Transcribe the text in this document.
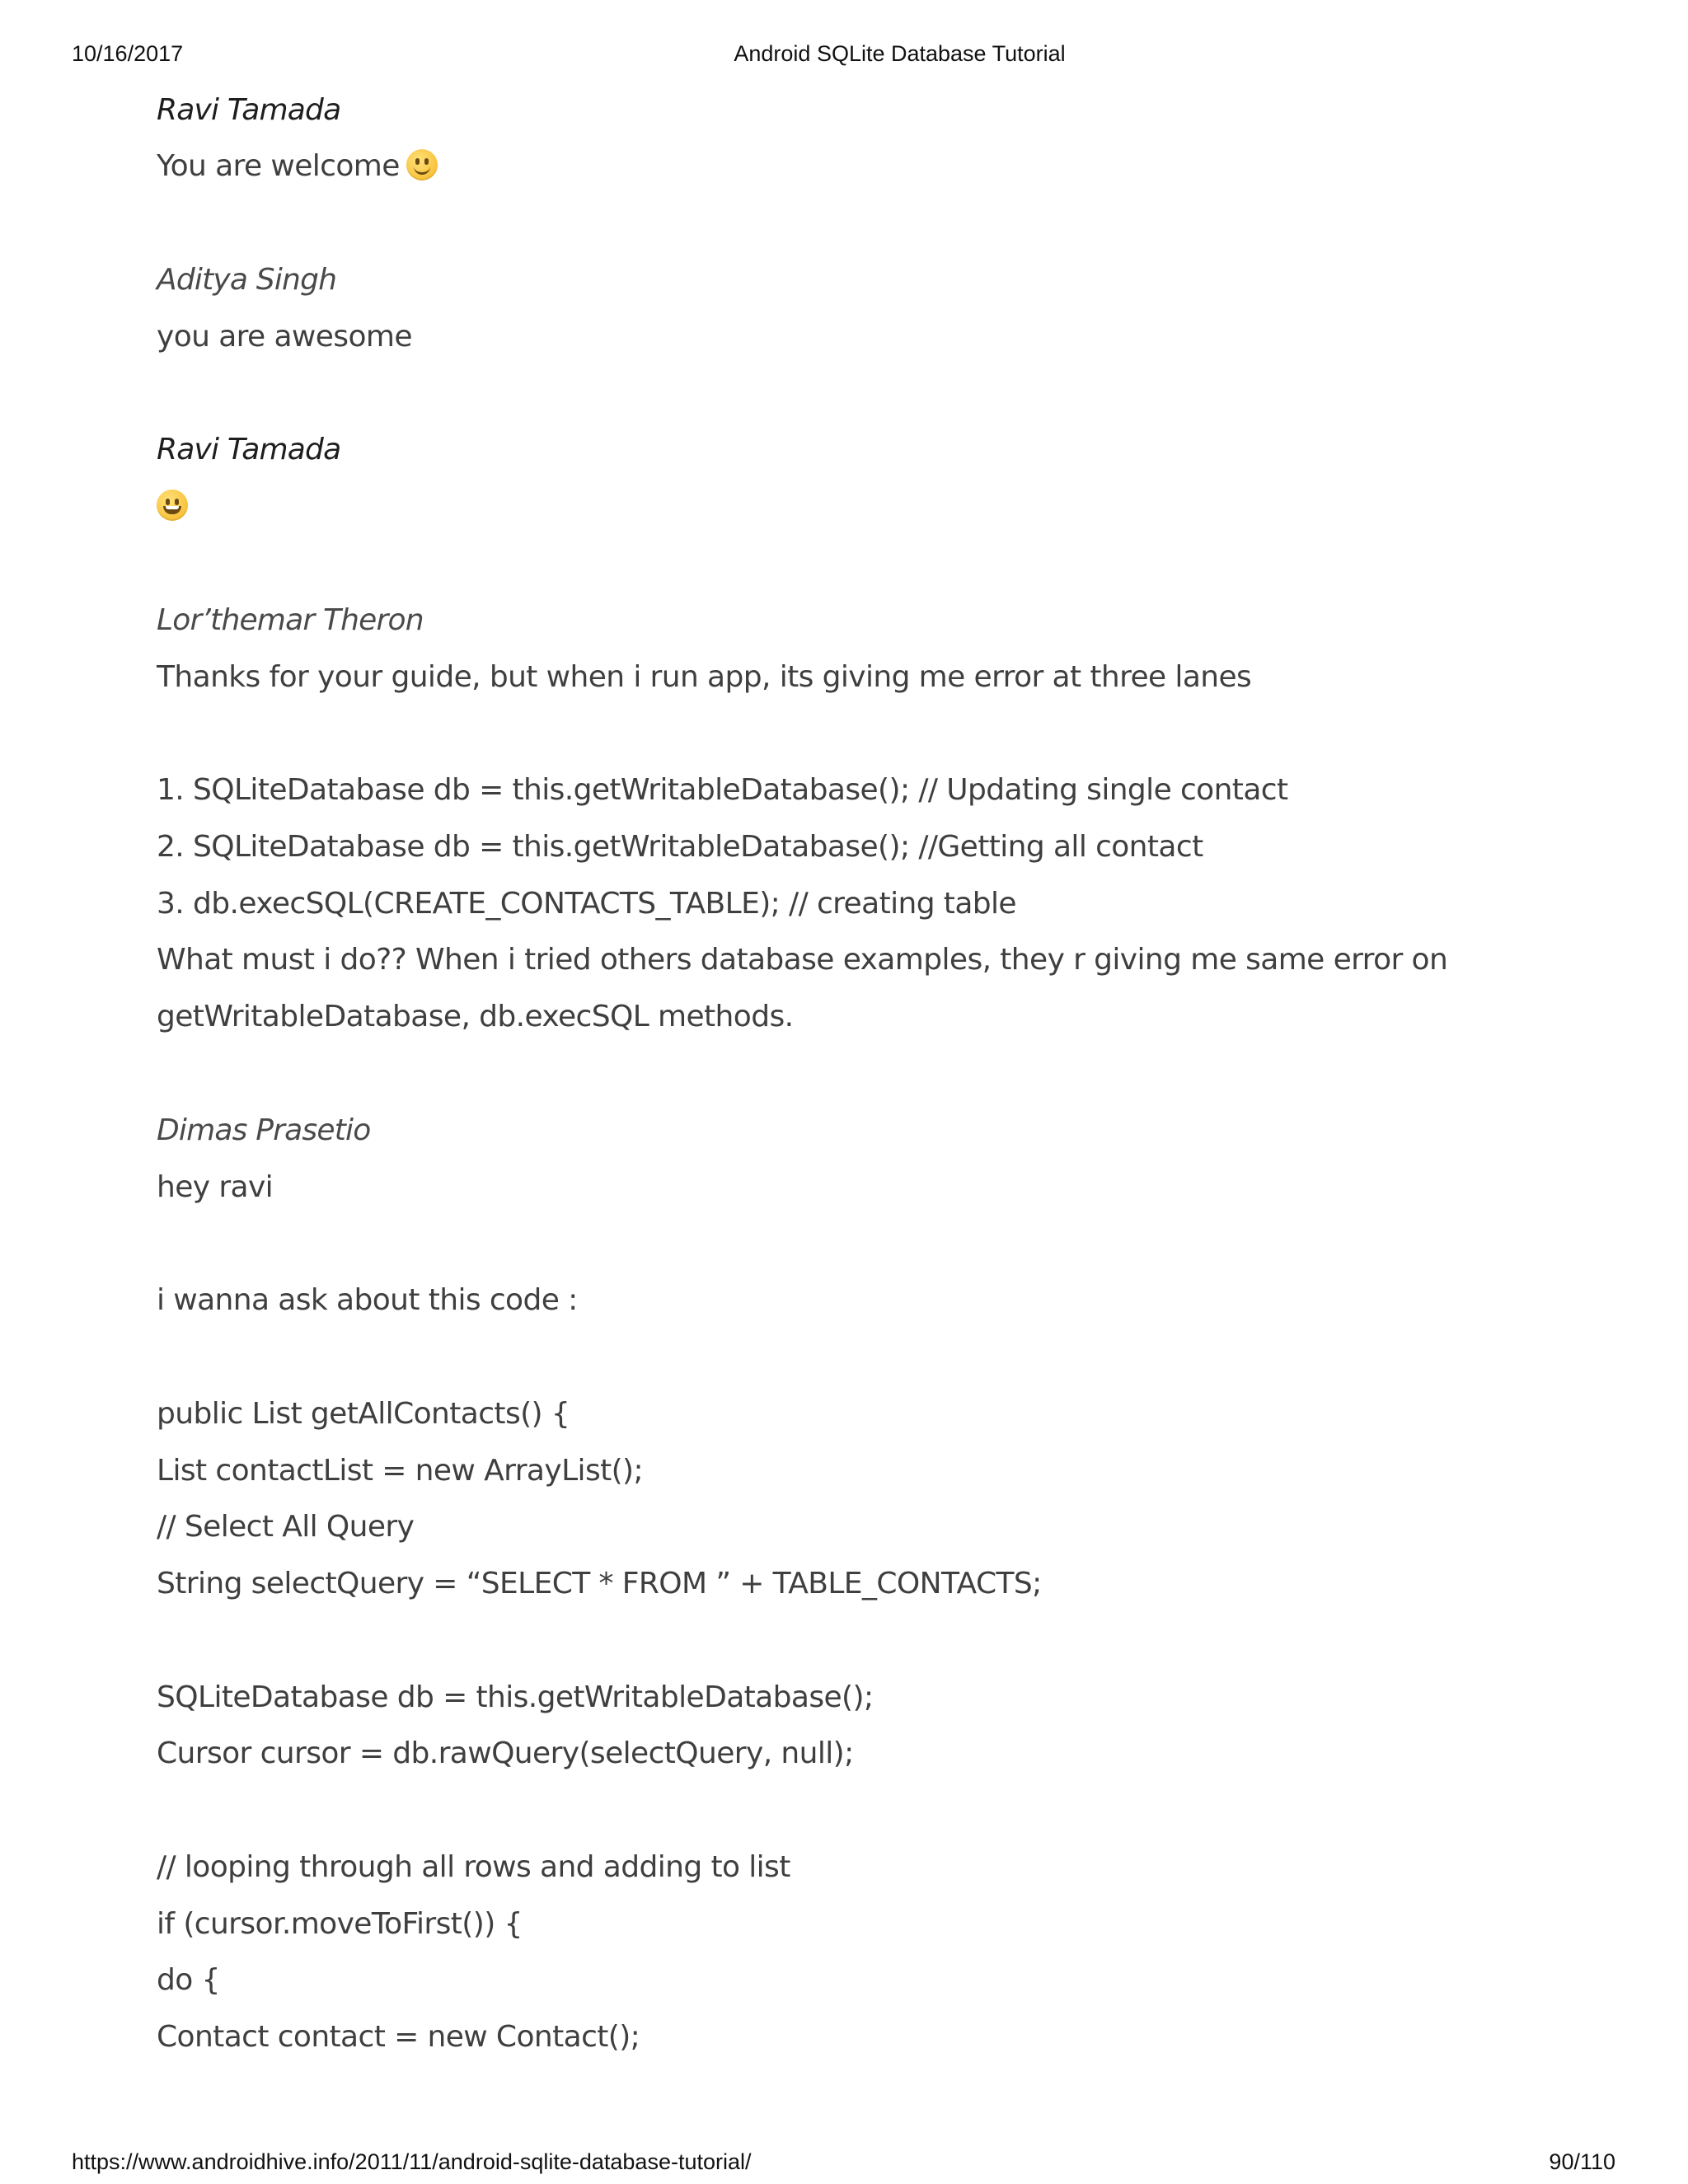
10/16/2017	Android SQLite Database Tutorial
Ravi Tamada
You are welcome
Aditya Singh
you are awesome
Ravi Tamada
Lor’themar Theron
Thanks for your guide, but when i run app, its giving me error at three lanes
1. SQLiteDatabase db = this.getWritableDatabase(); // Updating single contact
2. SQLiteDatabase db = this.getWritableDatabase(); //Getting all contact
3. db.execSQL(CREATE_CONTACTS_TABLE); // creating table
What must i do?? When i tried others database examples, they r giving me same error on
getWritableDatabase, db.execSQL methods.
Dimas Prasetio
hey ravi
i wanna ask about this code :
public List getAllContacts() {
List contactList = new ArrayList();
// Select All Query
String selectQuery = “SELECT * FROM ” + TABLE_CONTACTS;
SQLiteDatabase db = this.getWritableDatabase();
Cursor cursor = db.rawQuery(selectQuery, null);
// looping through all rows and adding to list
if (cursor.moveToFirst()) {
do {
Contact contact = new Contact();
https://www.androidhive.info/2011/11/android-sqlite-database-tutorial/	90/110
